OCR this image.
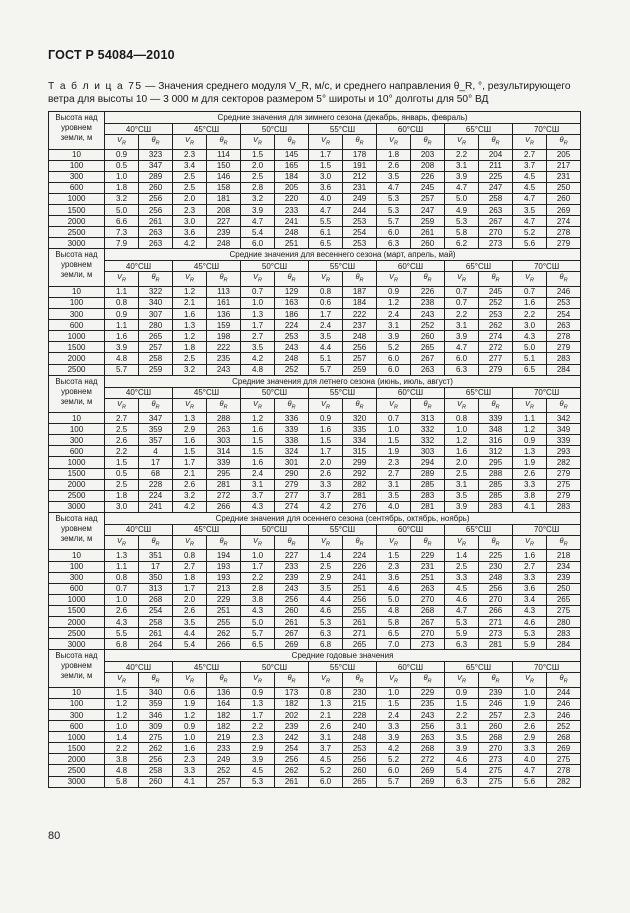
ГОСТ Р 54084—2010
Т а б л и ц а 75 — Значения среднего модуля V_R, м/с, и среднего направления θ_R, °, результирующего ветра для высоты 10 — 3 000 м для секторов размером 5° широты и 10° долготы для 50° ВД
Высота над уровнем земли, м	Средние значения для зимнего сезона (декабрь, январь, февраль)													
	40°СШ		45°СШ		50°СШ		55°СШ		60°СШ		65°СШ		70°СШ	
	$V_R$	$\theta_R$	$V_R$	$\theta_R$	$V_R$	$\theta_R$	$V_R$	$\theta_R$	$V_R$	$\theta_R$	$V_R$	$\theta_R$	$V_R$	$\theta_R$
10	0.9	323	2.3	114	1.5	145	1.7	178	1.8	203	2.2	204	2.7	205
100	0.5	347	3.4	150	2.0	165	1.5	191	2.6	208	3.1	211	3.7	217
300	1.0	289	2.5	146	2.5	184	3.0	212	3.5	226	3.9	225	4.5	231
600	1.8	260	2.5	158	2.8	205	3.6	231	4.7	245	4.7	247	4.5	250
1000	3.2	256	2.0	181	3.2	220	4.0	249	5.3	257	5.0	258	4.7	260
1500	5.0	256	2.3	208	3.9	233	4.7	244	5.3	247	4.9	263	3.5	269
2000	6.6	261	3.0	227	4.7	241	5.5	253	5.7	259	5.3	267	4.7	274
2500	7.3	263	3.6	239	5.4	248	6.1	254	6.0	261	5.8	270	5.2	278
3000	7.9	263	4.2	248	6.0	251	6.5	253	6.3	260	6.2	273	5.6	279
Высота над уровнем земли, м	Средние значения для весеннего сезона (март, апрель, май)													
	40°СШ		45°СШ		50°СШ		55°СШ		60°СШ		65°СШ		70°СШ	
	$V_R$	$\theta_R$	$V_R$	$\theta_R$	$V_R$	$\theta_R$	$V_R$	$\theta_R$	$V_R$	$\theta_R$	$V_R$	$\theta_R$	$V_R$	$\theta_R$
10	1.1	322	1.2	113	0.7	129	0.8	187	0.9	226	0.7	245	0.7	246
100	0.8	340	2.1	161	1.0	163	0.6	184	1.2	238	0.7	252	1.6	253
300	0.9	307	1.6	136	1.3	186	1.7	222	2.4	243	2.2	253	2.2	254
600	1.1	280	1.3	159	1.7	224	2.4	237	3.1	252	3.1	262	3.0	263
1000	1.6	265	1.2	198	2.7	253	3.5	248	3.9	260	3.9	274	4.3	278
1500	3.9	257	1.8	222	3.5	243	4.4	256	5.2	265	4.7	272	5.0	279
2000	4.8	258	2.5	235	4.2	248	5.1	257	6.0	267	6.0	277	5.1	283
2500	5.7	259	3.2	243	4.8	252	5.7	259	6.0	263	6.3	279	6.5	284
Высота над уровнем земли, м	Средние значения для летнего сезона (июнь, июль, август)													
	40°СШ		45°СШ		50°СШ		55°СШ		60°СШ		65°СШ		70°СШ	
	$V_R$	$\theta_R$	$V_R$	$\theta_R$	$V_R$	$\theta_R$	$V_R$	$\theta_R$	$V_R$	$\theta_R$	$V_R$	$\theta_R$	$V_R$	$\theta_R$
10	2.7	347	1.3	288	1.2	336	0.9	320	0.7	313	0.8	339	1.1	342
100	2.5	359	2.9	263	1.6	339	1.6	335	1.0	332	1.0	348	1.2	349
300	2.6	357	1.6	303	1.5	338	1.5	334	1.5	332	1.2	316	0.9	339
600	2.2	4	1.5	314	1.5	324	1.7	315	1.9	303	1.6	312	1.3	293
1000	1.5	17	1.7	339	1.6	301	2.0	299	2.3	294	2.0	295	1.9	282
1500	0.5	68	2.1	295	2.4	290	2.6	292	2.7	289	2.5	288	2.6	279
2000	2.5	228	2.6	281	3.1	279	3.3	282	3.1	285	3.1	285	3.3	275
2500	1.8	224	3.2	272	3.7	277	3.7	281	3.5	283	3.5	285	3.8	279
3000	3.0	241	4.2	266	4.3	274	4.2	276	4.0	281	3.9	283	4.1	283
Высота над уровнем земли, м	Средние значения для осеннего сезона (сентябрь, октябрь, ноябрь)													
	40°СШ		45°СШ		50°СШ		55°СШ		60°СШ		65°СШ		70°СШ	
	$V_R$	$\theta_R$	$V_R$	$\theta_R$	$V_R$	$\theta_R$	$V_R$	$\theta_R$	$V_R$	$\theta_R$	$V_R$	$\theta_R$	$V_R$	$\theta_R$
10	1.3	351	0.8	194	1.0	227	1.4	224	1.5	229	1.4	225	1.6	218
100	1.1	17	2.7	193	1.7	233	2.5	226	2.3	231	2.5	230	2.7	234
300	0.8	350	1.8	193	2.2	239	2.9	241	3.6	251	3.3	248	3.3	239
600	0.7	313	1.7	213	2.8	243	3.5	251	4.6	263	4.5	256	3.6	250
1000	1.0	268	2.0	229	3.8	256	4.4	256	5.0	270	4.6	270	3.4	265
1500	2.6	254	2.6	251	4.3	260	4.6	255	4.8	268	4.7	266	4.3	275
2000	4.3	258	3.5	255	5.0	261	5.3	261	5.8	267	5.3	271	4.6	280
2500	5.5	261	4.4	262	5.7	267	6.3	271	6.5	270	5.9	273	5.3	283
3000	6.8	264	5.4	266	6.5	269	6.8	265	7.0	273	6.3	281	5.9	284
Высота над уровнем земли, м	Средние годовые значения													
	40°СШ		45°СШ		50°СШ		55°СШ		60°СШ		65°СШ		70°СШ	
	$V_R$	$\theta_R$	$V_R$	$\theta_R$	$V_R$	$\theta_R$	$V_R$	$\theta_R$	$V_R$	$\theta_R$	$V_R$	$\theta_R$	$V_R$	$\theta_R$
10	1.5	340	0.6	136	0.9	173	0.8	230	1.0	229	0.9	239	1.0	244
100	1.2	359	1.9	164	1.3	182	1.3	215	1.5	235	1.5	246	1.9	246
300	1.2	346	1.2	182	1.7	202	2.1	228	2.4	243	2.2	257	2.3	246
600	1.0	309	0.9	182	2.2	239	2.6	240	3.3	256	3.1	260	2.6	252
1000	1.4	275	1.0	219	2.3	242	3.1	248	3.9	263	3.5	268	2.9	268
1500	2.2	262	1.6	233	2.9	254	3.7	253	4.2	268	3.9	270	3.3	269
2000	3.8	256	2.3	249	3.9	256	4.5	256	5.2	272	4.6	273	4.0	275
2500	4.8	258	3.3	252	4.5	262	5.2	260	6.0	269	5.4	275	4.7	278
3000	5.8	260	4.1	257	5.3	261	6.0	265	5.7	269	6.3	275	5.6	282
80
